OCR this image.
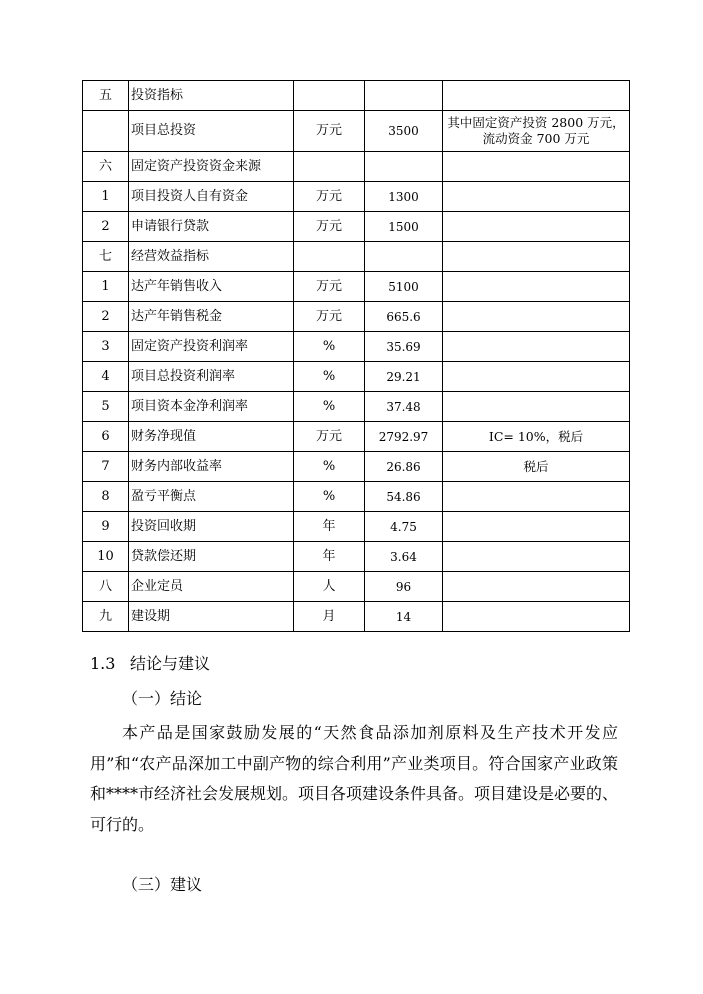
五	投资指标			
	项目总投资	万元	3500	其中固定资产投资 2800 万元，流动资金 700 万元
六	固定资产投资资金来源			
1	项目投资人自有资金	万元	1300	
2	申请银行贷款	万元	1500	
七	经营效益指标			
1	达产年销售收入	万元	5100	
2	达产年销售税金	万元	665.6	
3	固定资产投资利润率	%	35.69	
4	项目总投资利润率	%	29.21	
5	项目资本金净利润率	%	37.48	
6	财务净现值	万元	2792.97	IC= 10%，税后
7	财务内部收益率	%	26.86	税后
8	盈亏平衡点	%	54.86	
9	投资回收期	年	4.75	
10	贷款偿还期	年	3.64	
八	企业定员	人	96	
九	建设期	月	14	
1.3 结论与建议
（一）结论
本产品是国家鼓励发展的“天然食品添加剂原料及生产技术开发应用”和“农产品深加工中副产物的综合利用”产业类项目。符合国家产业政策和****市经济社会发展规划。项目各项建设条件具备。项目建设是必要的、可行的。
（三）建议
